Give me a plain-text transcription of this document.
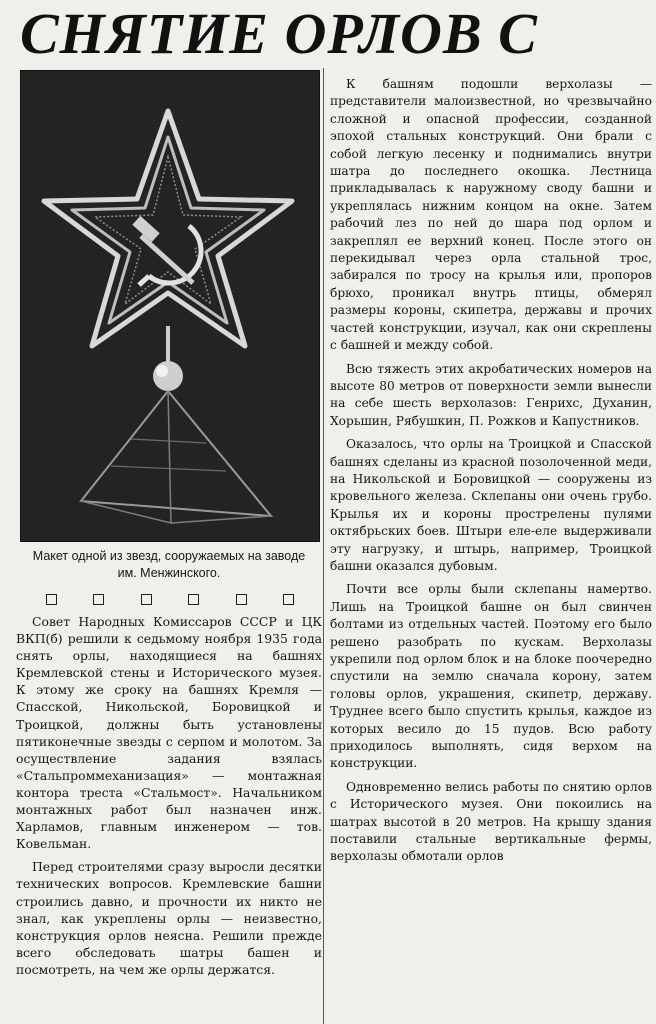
СНЯТИЕ ОРЛОВ С
Макет одной из звезд, сооружаемых на заводе им. Менжинского.

Совет Народных Комиссаров СССР и ЦК ВКП(б) решили к седьмому ноября 1935 года снять орлы, находящиеся на башнях Кремлевской стены и Исторического музея. К этому же сроку на башнях Кремля — Спасской, Никольской, Боровицкой и Троицкой, должны быть установлены пятиконечные звезды с серпом и молотом. За осуществление задания взялась «Стальпроммеханизация» — монтажная контора треста «Стальмост». Начальником монтажных работ был назначен инж. Харламов, главным инженером — тов. Ковельман.

Перед строителями сразу выросли десятки технических вопросов. Кремлевские башни строились давно, и прочности их никто не знал, как укреплены орлы — неизвестно, конструкция орлов неясна. Решили прежде всего обследовать шатры башен и посмотреть, на чем же орлы держатся.

К башням подошли верхолазы — представители малоизвестной, но чрезвычайно сложной и опасной профессии, созданной эпохой стальных конструкций. Они брали с собой легкую лесенку и поднимались внутри шатра до последнего окошка. Лестница прикладывалась к наружному своду башни и укреплялась нижним концом на окне. Затем рабочий лез по ней до шара под орлом и закреплял ее верхний конец. После этого он перекидывал через орла стальной трос, забирался по тросу на крылья или, пропоров брюхо, проникал внутрь птицы, обмерял размеры короны, скипетра, державы и прочих частей конструкции, изучал, как они скреплены с башней и между собой.

Всю тяжесть этих акробатических номеров на высоте 80 метров от поверхности земли вынесли на себе шесть верхолазов: Генрихс, Духанин, Хорьшин, Рябушкин, П. Рожков и Капустников.

Оказалось, что орлы на Троицкой и Спасской башнях сделаны из красной позолоченной меди, на Никольской и Боровицкой — сооружены из кровельного железа. Склепаны они очень грубо. Крылья их и короны прострелены пулями октябрьских боев. Штыри еле-еле выдерживали эту нагрузку, и штырь, например, Троицкой башни оказался дубовым.

Почти все орлы были склепаны намертво. Лишь на Троицкой башне он был свинчен болтами из отдельных частей. Поэтому его было решено разобрать по кускам. Верхолазы укрепили под орлом блок и на блоке поочередно спустили на землю сначала корону, затем головы орлов, украшения, скипетр, державу. Труднее всего было спустить крылья, каждое из которых весило до 15 пудов. Всю работу приходилось выполнять, сидя верхом на конструкции.

Одновременно велись работы по снятию орлов с Исторического музея. Они покоились на шатрах высотой в 20 метров. На крышу здания поставили стальные вертикальные фермы, верхолазы обмотали орлов
